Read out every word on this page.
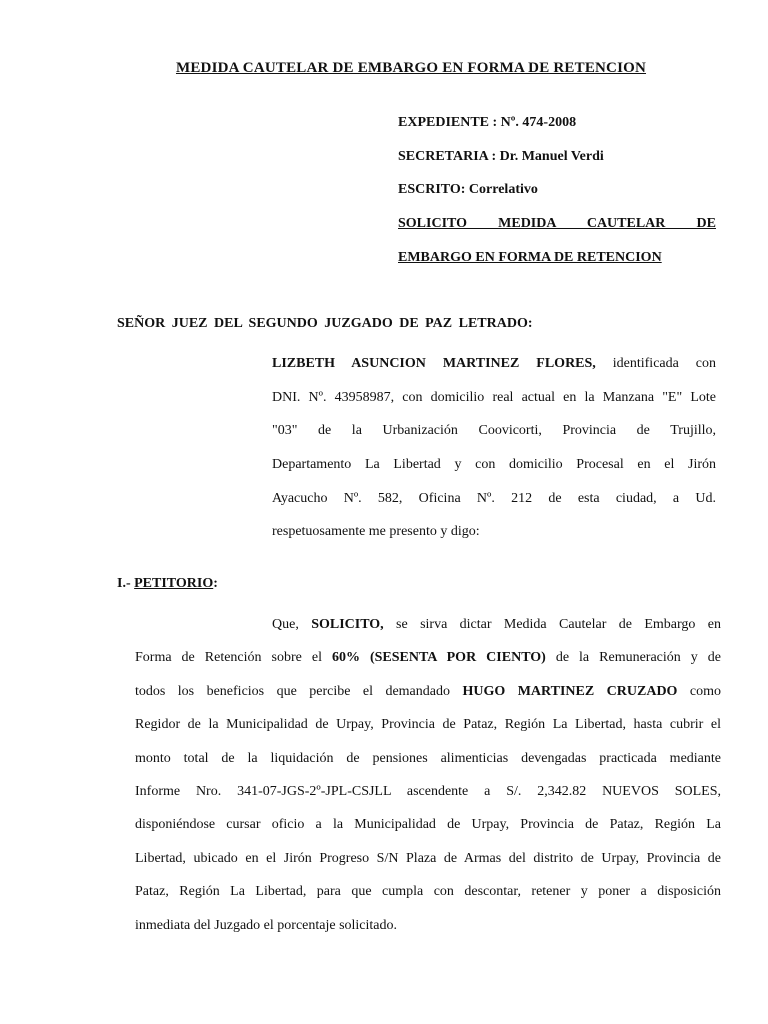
MEDIDA CAUTELAR DE EMBARGO EN FORMA DE RETENCION
EXPEDIENTE : Nº. 474-2008
SECRETARIA : Dr. Manuel Verdi
ESCRITO: Correlativo
SOLICITO MEDIDA CAUTELAR DE
EMBARGO EN FORMA DE RETENCION
SEÑOR JUEZ DEL SEGUNDO JUZGADO DE PAZ LETRADO:
LIZBETH ASUNCION MARTINEZ FLORES, identificada con
DNI. Nº. 43958987, con domicilio real actual en la Manzana "E" Lote
"03" de la Urbanización Coovicorti, Provincia de Trujillo,
Departamento La Libertad y con domicilio Procesal en el Jirón
Ayacucho Nº. 582, Oficina Nº. 212 de esta ciudad, a Ud.
respetuosamente me presento y digo:
I.- PETITORIO:
Que, SOLICITO, se sirva dictar Medida Cautelar de Embargo en
Forma de Retención sobre el 60% (SESENTA POR CIENTO) de la Remuneración y de
todos los beneficios que percibe el demandado HUGO MARTINEZ CRUZADO como
Regidor de la Municipalidad de Urpay, Provincia de Pataz, Región La Libertad, hasta cubrir el
monto total de la liquidación de pensiones alimenticias devengadas practicada mediante
Informe Nro. 341-07-JGS-2º-JPL-CSJLL ascendente a S/. 2,342.82 NUEVOS SOLES,
disponiéndose cursar oficio a la Municipalidad de Urpay, Provincia de Pataz, Región La
Libertad, ubicado en el Jirón Progreso S/N Plaza de Armas del distrito de Urpay, Provincia de
Pataz, Región La Libertad, para que cumpla con descontar, retener y poner a disposición
inmediata del Juzgado el porcentaje solicitado.
